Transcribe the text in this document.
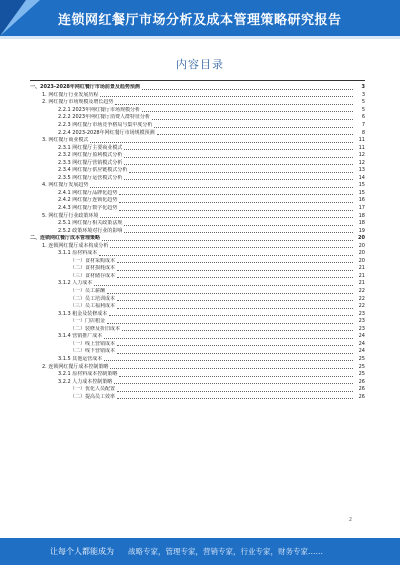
连锁网红餐厅市场分析及成本管理策略研究报告
内容目录
一、2023-2028年网红餐厅市场前景及趋势预测	3
1. 网红餐厅行业发展历程	3
2. 网红餐厅市场规模及增长趋势	5
2.2.1 2023年网红餐厅市场规模分析	5
2.2.2 2023年网红餐厅消费人群特征分析	6
2.2.3 网红餐厅市场竞争格局与集中度分析	7
2.2.4 2023-2028年网红餐厅市场规模预测	8
3. 网红餐厅商业模式	11
2.3.1 网红餐厅主要商业模式	11
2.3.2 网红餐厅盈利模式分析	12
2.3.3 网红餐厅营销模式分析	12
2.3.4 网红餐厅供应链模式分析	13
2.3.5 网红餐厅运营模式分析	14
4. 网红餐厅发展趋势	15
2.4.1 网红餐厅品牌化趋势	15
2.4.2 网红餐厅连锁化趋势	16
2.4.3 网红餐厅数字化趋势	17
5. 网红餐厅行业政策环境	18
2.5.1 网红餐厅相关政策法规	18
2.5.2 政策环境对行业的影响	19
二、连锁网红餐厅成本管理策略	20
1. 连锁网红餐厅成本构成分析	20
3.1.1 原材料成本	20
（一）食材采购成本	20
（二）食材损耗成本	21
（三）食材储存成本	21
3.1.2 人力成本	21
（一）员工薪酬	22
（二）员工培训成本	22
（三）员工福利成本	22
3.1.3 租金及装修成本	23
（一）门店租金	23
（二）装修及折旧成本	23
3.1.4 营销推广成本	24
（一）线上营销成本	24
（二）线下营销成本	24
3.1.5 其他运营成本	25
2. 连锁网红餐厅成本控制策略	25
3.2.1 原材料成本控制策略	25
3.2.2 人力成本控制策略	26
（一）优化人员配置	26
（二）提高员工效率	26
2
让每个人都能成为 战略专家，管理专家，营销专家，行业专家，财务专家……
